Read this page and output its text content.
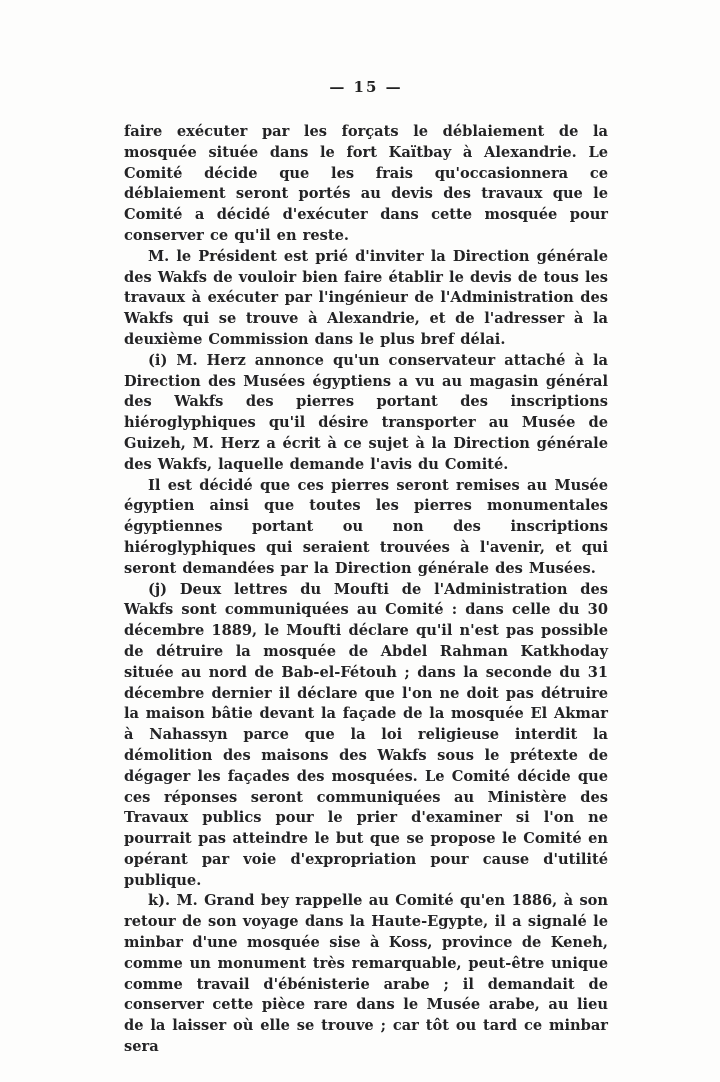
— 15 —

faire exécuter par les forçats le déblaiement de la mosquée située dans le fort Kaïtbay à Alexandrie. Le Comité décide que les frais qu'occasionnera ce déblaiement seront portés au devis des travaux que le Comité a décidé d'exécuter dans cette mosquée pour conserver ce qu'il en reste.

M. le Président est prié d'inviter la Direction générale des Wakfs de vouloir bien faire établir le devis de tous les travaux à exécuter par l'ingénieur de l'Administration des Wakfs qui se trouve à Alexandrie, et de l'adresser à la deuxième Commission dans le plus bref délai.

(i) M. Herz annonce qu'un conservateur attaché à la Direction des Musées égyptiens a vu au magasin général des Wakfs des pierres portant des inscriptions hiéroglyphiques qu'il désire transporter au Musée de Guizeh, M. Herz a écrit à ce sujet à la Direction générale des Wakfs, laquelle demande l'avis du Comité.

Il est décidé que ces pierres seront remises au Musée égyptien ainsi que toutes les pierres monumentales égyptiennes portant ou non des inscriptions hiéroglyphiques qui seraient trouvées à l'avenir, et qui seront demandées par la Direction générale des Musées.

(j) Deux lettres du Moufti de l'Administration des Wakfs sont communiquées au Comité : dans celle du 30 décembre 1889, le Moufti déclare qu'il n'est pas possible de détruire la mosquée de Abdel Rahman Katkhoday située au nord de Bab-el-Fétouh ; dans la seconde du 31 décembre dernier il déclare que l'on ne doit pas détruire la maison bâtie devant la façade de la mosquée El Akmar à Nahassyn parce que la loi religieuse interdit la démolition des maisons des Wakfs sous le prétexte de dégager les façades des mosquées. Le Comité décide que ces réponses seront communiquées au Ministère des Travaux publics pour le prier d'examiner si l'on ne pourrait pas atteindre le but que se propose le Comité en opérant par voie d'expropriation pour cause d'utilité publique.

k). M. Grand bey rappelle au Comité qu'en 1886, à son retour de son voyage dans la Haute-Egypte, il a signalé le minbar d'une mosquée sise à Koss, province de Keneh, comme un monument très remarquable, peut-être unique comme travail d'ébénisterie arabe ; il demandait de conserver cette pièce rare dans le Musée arabe, au lieu de la laisser où elle se trouve ; car tôt ou tard ce minbar sera
